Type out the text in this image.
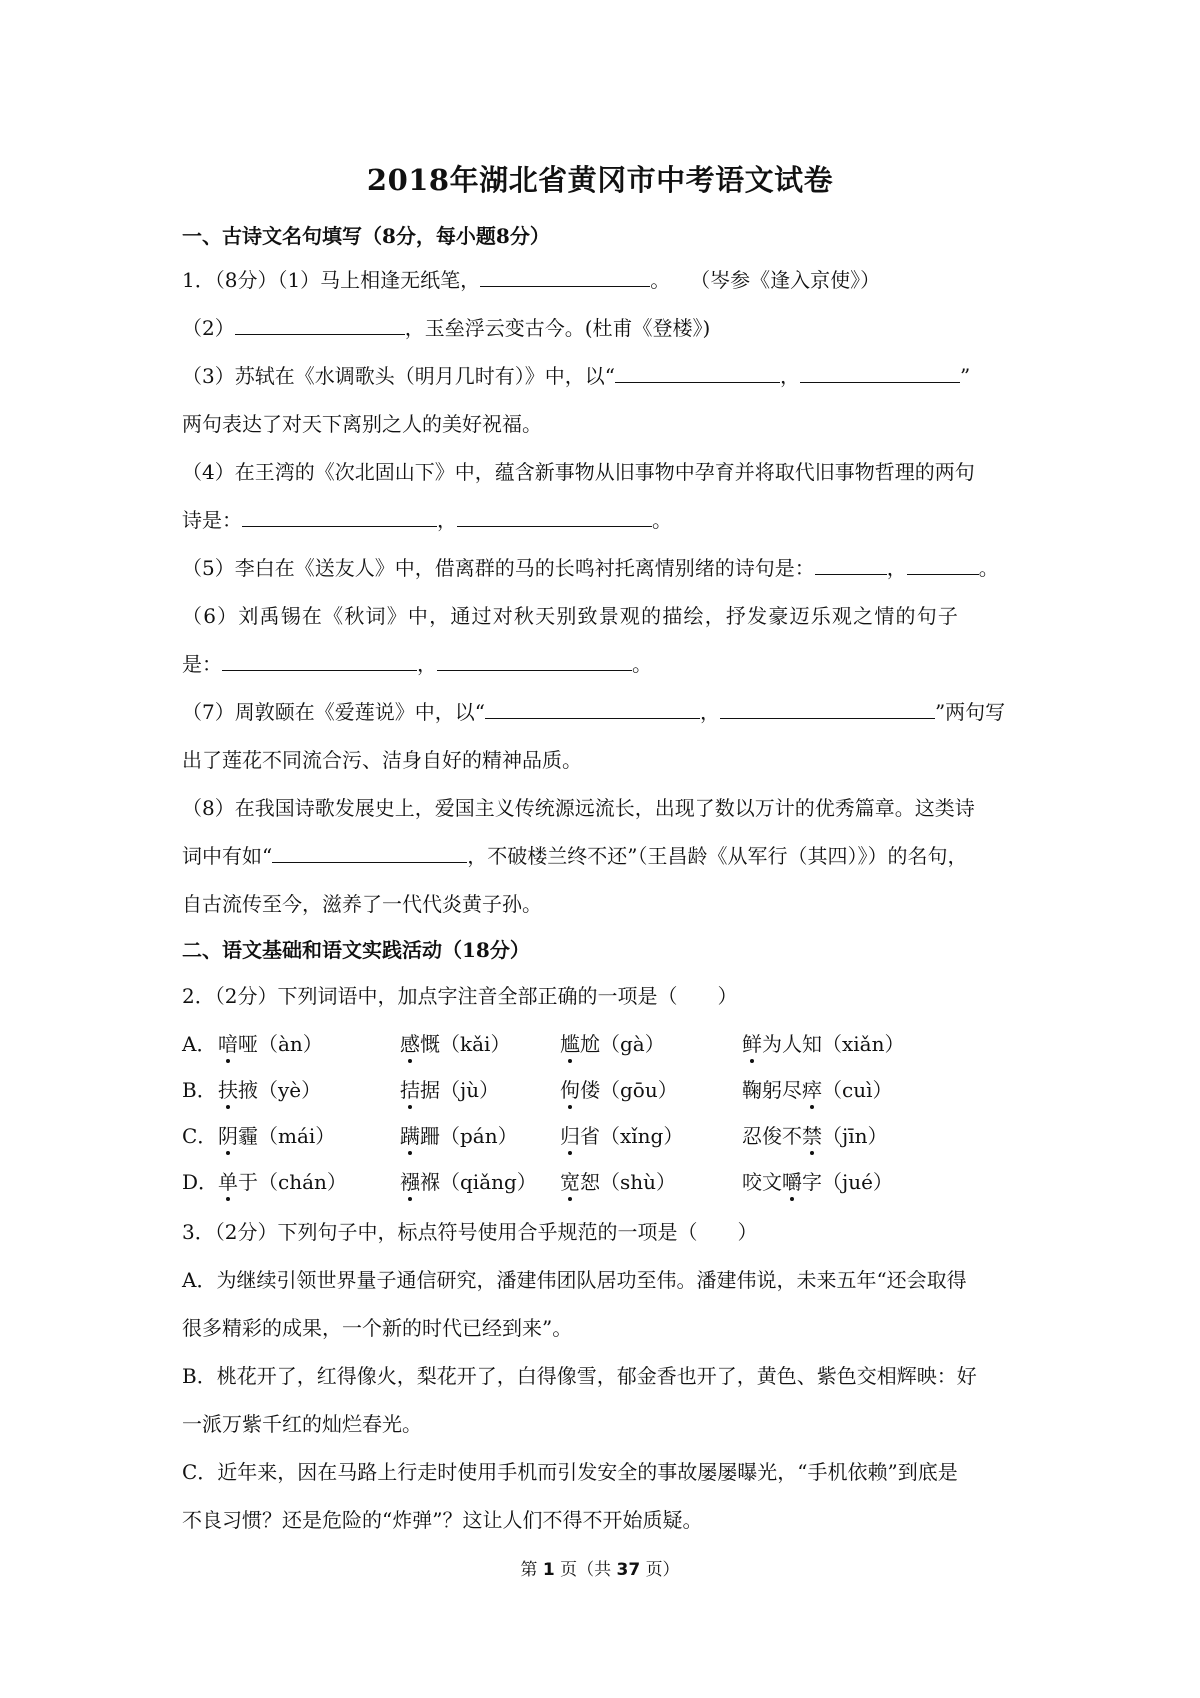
2018年湖北省黄冈市中考语文试卷
一、古诗文名句填写（8分，每小题8分）
1．（8分）（1）马上相逢无纸笔，	。　　（岑参《逢入京使》）
（2）	，玉垒浮云变古今。(杜甫《登楼》)
（3）苏轼在《水调歌头（明月几时有）》中，以“	，	”
两句表达了对天下离别之人的美好祝福。
（4）在王湾的《次北固山下》中，蕴含新事物从旧事物中孕育并将取代旧事物哲理的两句
诗是：	，	。
（5）李白在《送友人》中，借离群的马的长鸣衬托离情别绪的诗句是：	，	。
（6）刘禹锡在《秋词》中，通过对秋天别致景观的描绘，抒发豪迈乐观之情的句子
是：	，	。
（7）周敦颐在《爱莲说》中，以“	，	”两句写
出了莲花不同流合污、洁身自好的精神品质。
（8）在我国诗歌发展史上，爱国主义传统源远流长，出现了数以万计的优秀篇章。这类诗
词中有如“	，不破楼兰终不还”（王昌龄《从军行（其四）》）的名句，
自古流传至今，滋养了一代代炎黄子孙。
二、语文基础和语文实践活动（18分）
2．（2分）下列词语中，加点字注音全部正确的一项是（　　）
A． 喑哑（àn）	感慨（kǎi） 尴尬（gà）	鲜为人知（xiǎn）
B． 扶掖（yè）	拮据（jù）	佝偻（gōu）	鞠躬尽瘁（cuì）
C． 阴霾（mái）	蹒跚（pán） 归省（xǐng）	忍俊不禁（jīn）
D． 单于（chán）	襁褓（qiǎng） 宽恕（shù）	咬文嚼字（jué）
3．（2分）下列句子中，标点符号使用合乎规范的一项是（　　）
A．为继续引领世界量子通信研究，潘建伟团队居功至伟。潘建伟说，未来五年“还会取得
很多精彩的成果，一个新的时代已经到来”。
B．桃花开了，红得像火，梨花开了，白得像雪，郁金香也开了，黄色、紫色交相辉映：好
一派万紫千红的灿烂春光。
C．近年来，因在马路上行走时使用手机而引发安全的事故屡屡曝光，“手机依赖”到底是
不良习惯？还是危险的“炸弹”？这让人们不得不开始质疑。
第 1 页（共 37 页）
